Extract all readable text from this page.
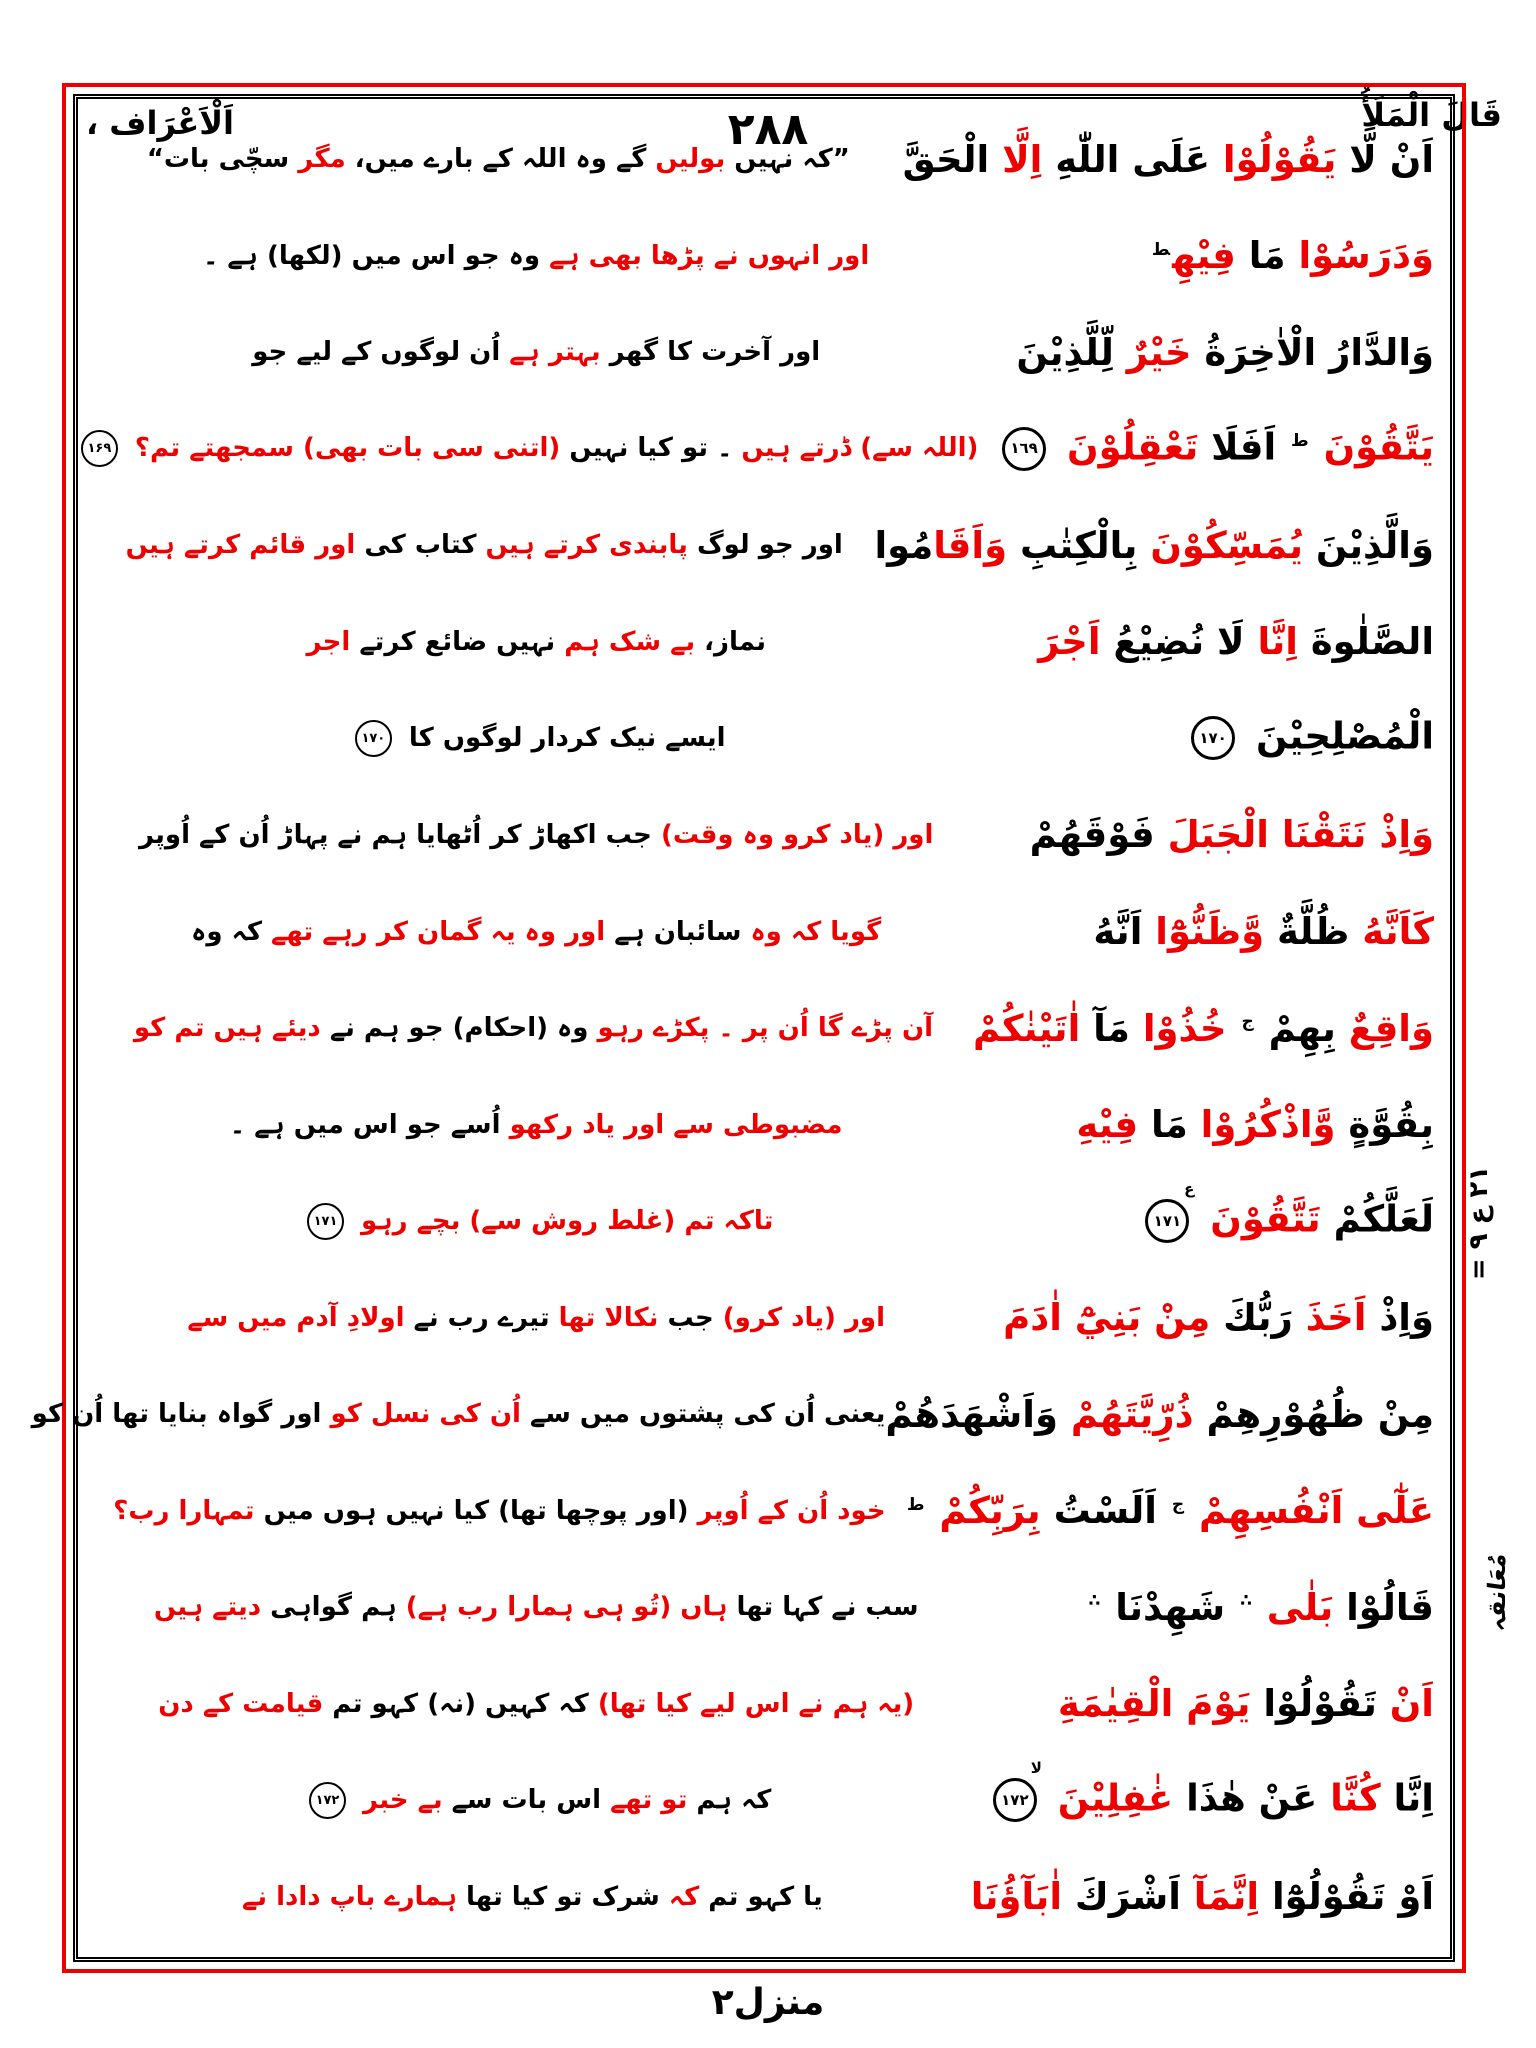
قَالَ الْمَلَأُ
٢٨٨
اَلْاَعْرَاف ،
اَنْ لَّا يَقُوْلُوْا عَلَى اللّٰهِ اِلَّا الْحَقَّ
”کہ نہیں بولیں گے وہ اللہ کے بارے میں، مگر سچّی بات“
وَدَرَسُوْا مَا فِيْهِ$^ط$
اور انہوں نے پڑھا بھی ہے وہ جو اس میں (لکھا) ہے ۔
وَالدَّارُ الْاٰخِرَةُ خَيْرٌ لِّلَّذِيْنَ
اور آخرت کا گھر بہتر ہے اُن لوگوں کے لیے جو
يَتَّقُوْنَ $^ط$ اَفَلَا تَعْقِلُوْنَ
١٦٩
(اللہ سے) ڈرتے ہیں ۔ تو کیا نہیں (اتنی سی بات بھی) سمجھتے تم؟
۱۶۹
وَالَّذِيْنَ يُمَسِّكُوْنَ بِالْكِتٰبِ وَاَقَامُوا
اور جو لوگ پابندی کرتے ہیں کتاب کی اور قائم کرتے ہیں
الصَّلٰوةَ اِنَّا لَا نُضِيْعُ اَجْرَ
نماز، بے شک ہم نہیں ضائع کرتے اجر
الْمُصْلِحِيْنَ
١٧٠
ایسے نیک کردار لوگوں کا
۱۷۰
وَاِذْ نَتَقْنَا الْجَبَلَ فَوْقَهُمْ
اور (یاد کرو وہ وقت) جب اکھاڑ کر اُٹھایا ہم نے پہاڑ اُن کے اُوپر
كَاَنَّهُ ظُلَّةٌ وَّظَنُّوْٓا اَنَّهُ
گویا کہ وہ سائبان ہے اور وہ یہ گمان کر رہے تھے کہ وہ
وَاقِعٌ بِهِمْ $^ج$ خُذُوْا مَآ اٰتَيْنٰكُمْ
آن پڑے گا اُن پر ۔ پکڑے رہو وہ (احکام) جو ہم نے دیئے ہیں تم کو
بِقُوَّةٍ وَّاذْكُرُوْا مَا فِيْهِ
مضبوطی سے اور یاد رکھو اُسے جو اس میں ہے ۔
لَعَلَّكُمْ تَتَّقُوْنَ
١٧١
ع
تاکہ تم (غلط روش سے) بچے رہو
۱۷۱
وَاِذْ اَخَذَ رَبُّكَ مِنْ بَنِيْٓ اٰدَمَ
اور (یاد کرو) جب نکالا تھا تیرے رب نے اولادِ آدم میں سے
مِنْ ظُهُوْرِهِمْ ذُرِّيَّتَهُمْ وَاَشْهَدَهُمْ
یعنی اُن کی پشتوں میں سے اُن کی نسل کو اور گواہ بنایا تھا اُن کو
عَلٰٓى اَنْفُسِهِمْ $^ج$ اَلَسْتُ بِرَبِّكُمْ $^ط$
خود اُن کے اُوپر (اور پوچھا تھا) کیا نہیں ہوں میں تمہارا رب؟
قَالُوْا بَلٰى ∴ شَهِدْنَا ∴
سب نے کہا تھا ہاں (تُو ہی ہمارا رب ہے) ہم گواہی دیتے ہیں
اَنْ تَقُوْلُوْا يَوْمَ الْقِيٰمَةِ
(یہ ہم نے اس لیے کیا تھا) کہ کہیں (نہ) کہو تم قیامت کے دن
اِنَّا كُنَّا عَنْ هٰذَا غٰفِلِيْنَ
١٧٢
لا
کہ ہم تو تھے اس بات سے بے خبر
۱۷۲
اَوْ تَقُوْلُوْٓا اِنَّمَآ اَشْرَكَ اٰبَآؤُنَا
یا کہو تم کہ شرک تو کیا تھا ہمارے باپ دادا نے
٢١ ع ٩ =
مُعَانقہ
منزل٢
